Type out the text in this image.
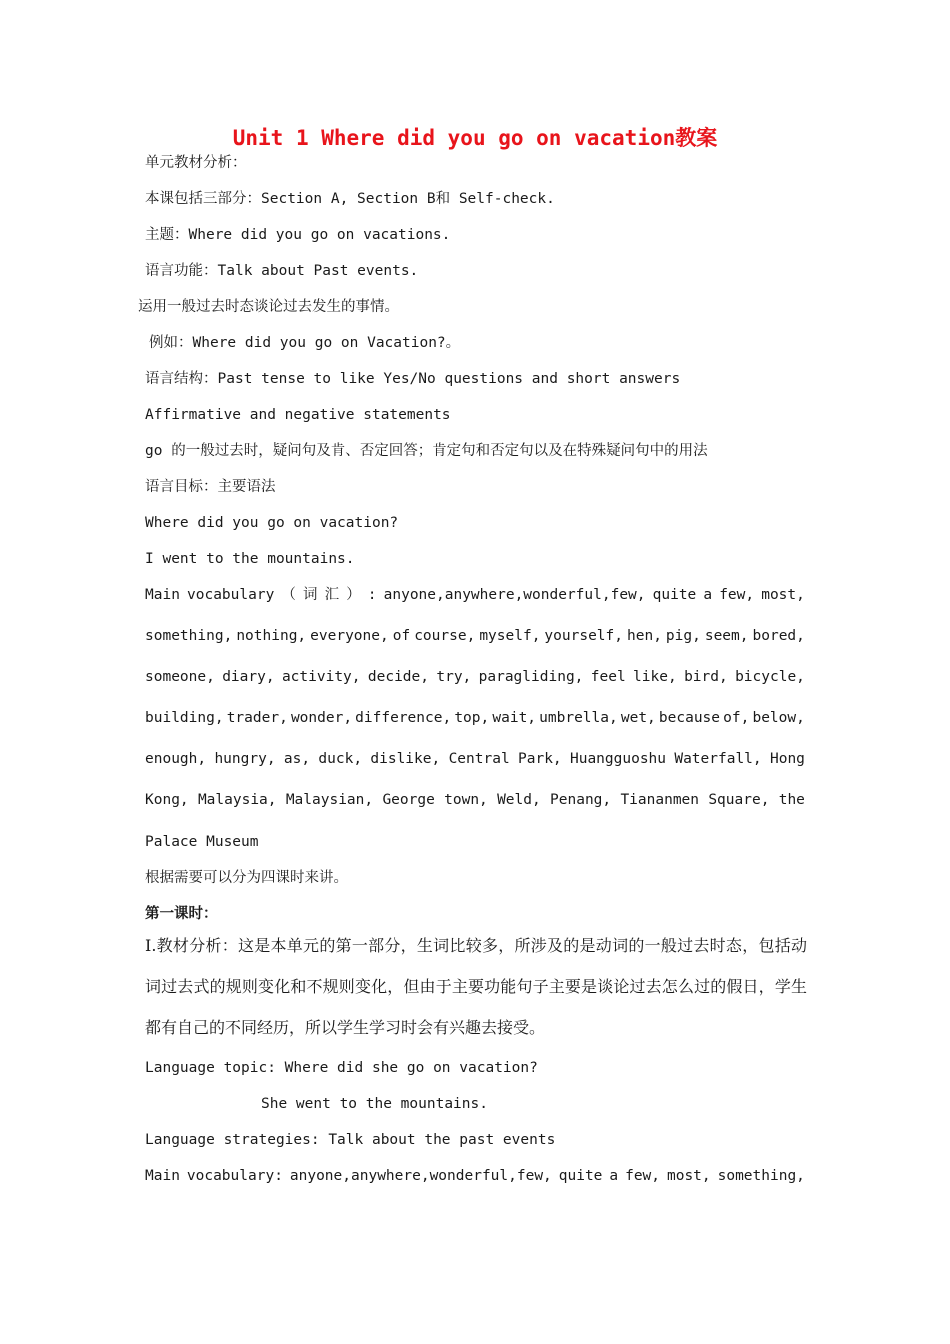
Unit 1 Where did you go on vacation教案
单元教材分析：
本课包括三部分：Section A, Section B和 Self-check.
主题：Where did you go on vacations.
语言功能：Talk about Past events.
运用一般过去时态谈论过去发生的事情。
例如：Where did you go on Vacation?。
语言结构：Past tense to like Yes/No questions and short answers
Affirmative and negative statements
go 的一般过去时，疑问句及肯、否定回答；肯定句和否定句以及在特殊疑问句中的用法
语言目标：主要语法
Where did you go on vacation?
I went to the mountains.
Main vocabulary （ 词 汇 ） : anyone,anywhere,wonderful,few, quite a few, most,
something, nothing, everyone, of course, myself, yourself, hen, pig, seem, bored,
someone, diary, activity, decide, try, paragliding, feel like, bird, bicycle,
building, trader, wonder, difference, top, wait, umbrella, wet, because of, below,
enough, hungry, as, duck, dislike, Central Park, Huangguoshu Waterfall, Hong
Kong, Malaysia, Malaysian, George town, Weld, Penang, Tiananmen Square, the
Palace Museum
根据需要可以分为四课时来讲。
第一课时：
I.教材分析：这是本单元的第一部分，生词比较多，所涉及的是动词的一般过去时态，包括动词过去式的规则变化和不规则变化，但由于主要功能句子主要是谈论过去怎么过的假日，学生都有自己的不同经历，所以学生学习时会有兴趣去接受。
Language topic: Where did she go on vacation?
She went to the mountains.
Language strategies: Talk about the past events
Main vocabulary: anyone,anywhere,wonderful,few, quite a few, most, something,
